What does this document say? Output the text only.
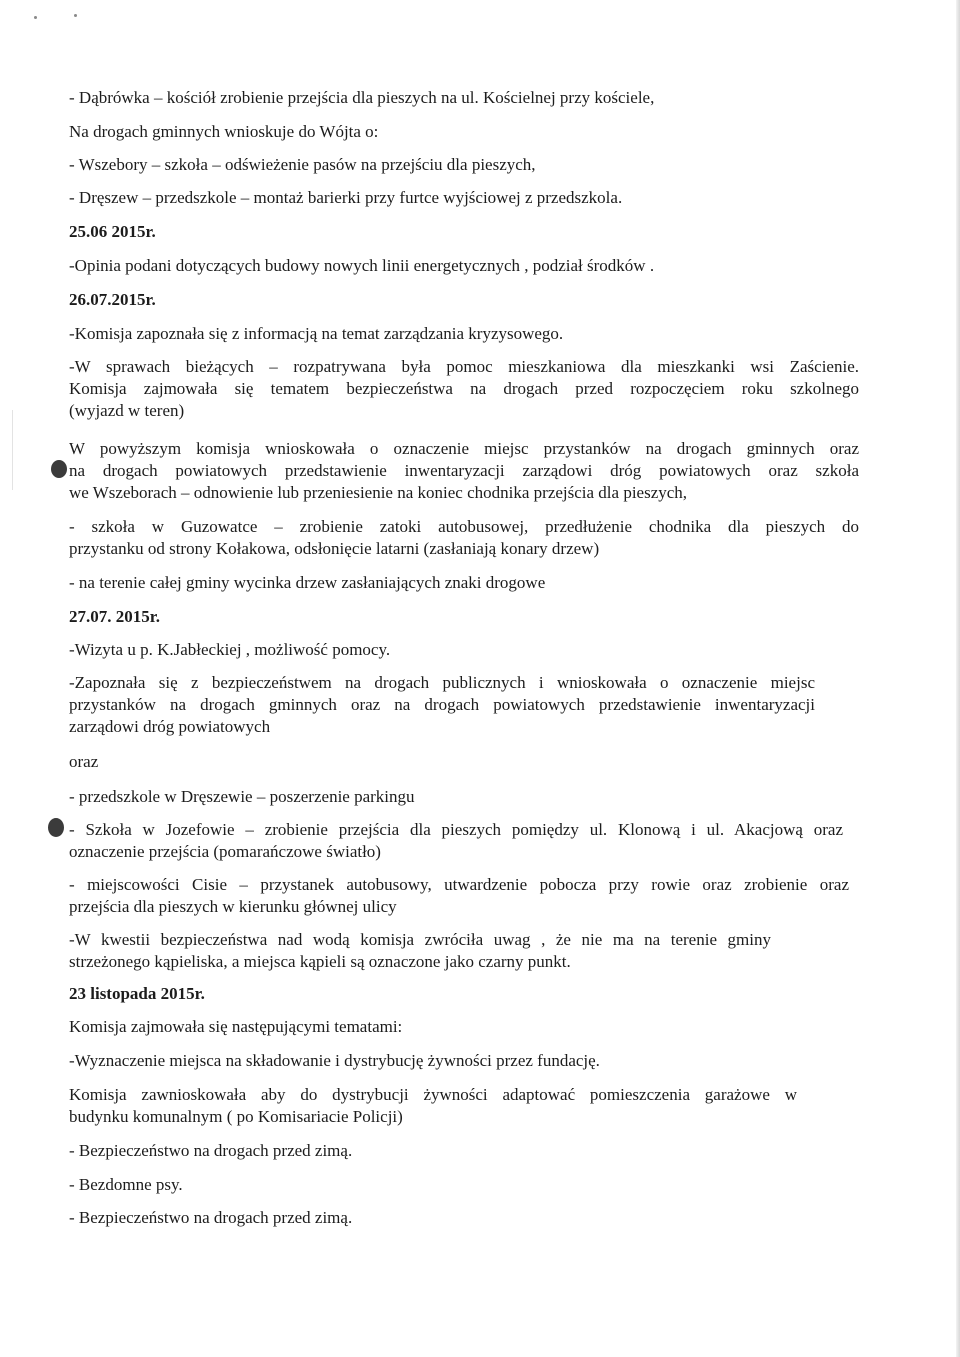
- Dąbrówka – kościół zrobienie przejścia dla pieszych na ul. Kościelnej przy kościele,

Na drogach gminnych wnioskuje do Wójta o:

- Wszebory – szkoła – odświeżenie pasów na przejściu dla pieszych,

- Dręszew – przedszkole – montaż barierki przy furtce wyjściowej z przedszkola.

25.06 2015r.

-Opinia podani dotyczących budowy nowych linii energetycznych , podział środków .

26.07.2015r.

-Komisja zapoznała się z informacją na temat zarządzania kryzysowego.

-W sprawach bieżących – rozpatrywana była pomoc mieszkaniowa dla mieszkanki wsi Zaścienie.

Komisja zajmowała się tematem bezpieczeństwa na drogach przed rozpoczęciem roku szkolnego

(wyjazd w teren)

W powyższym komisja wnioskowała o oznaczenie miejsc przystanków na drogach gminnych oraz

na drogach powiatowych przedstawienie inwentaryzacji zarządowi dróg powiatowych oraz szkoła

we Wszeborach – odnowienie lub przeniesienie na koniec chodnika przejścia dla pieszych,

- szkoła w Guzowatce – zrobienie zatoki autobusowej, przedłużenie chodnika dla pieszych do

przystanku od strony Kołakowa, odsłonięcie latarni (zasłaniają konary drzew)

- na terenie całej gminy wycinka drzew zasłaniających znaki drogowe

27.07. 2015r.

-Wizyta u p. K.Jabłeckiej , możliwość pomocy.

-Zapoznała się z bezpieczeństwem na drogach publicznych i wnioskowała o oznaczenie miejsc

przystanków na drogach gminnych oraz na drogach powiatowych przedstawienie inwentaryzacji

zarządowi dróg powiatowych

oraz

- przedszkole w Dręszewie – poszerzenie parkingu

- Szkoła w Jozefowie – zrobienie przejścia dla pieszych pomiędzy ul. Klonową i ul. Akacjową oraz

oznaczenie przejścia (pomarańczowe światło)

- miejscowości Cisie – przystanek autobusowy, utwardzenie pobocza przy rowie oraz zrobienie oraz

przejścia dla pieszych w kierunku głównej ulicy

-W kwestii bezpieczeństwa nad wodą komisja zwróciła uwag , że nie ma na terenie gminy

strzeżonego kąpieliska, a miejsca kąpieli są oznaczone jako czarny punkt.

23 listopada 2015r.

Komisja zajmowała się następującymi tematami:

-Wyznaczenie miejsca na składowanie i dystrybucję żywności przez fundację.

Komisja zawnioskowała aby do dystrybucji żywności adaptować pomieszczenia garażowe w

budynku komunalnym ( po Komisariacie Policji)

- Bezpieczeństwo na drogach przed zimą.

- Bezdomne psy.

- Bezpieczeństwo na drogach przed zimą.
